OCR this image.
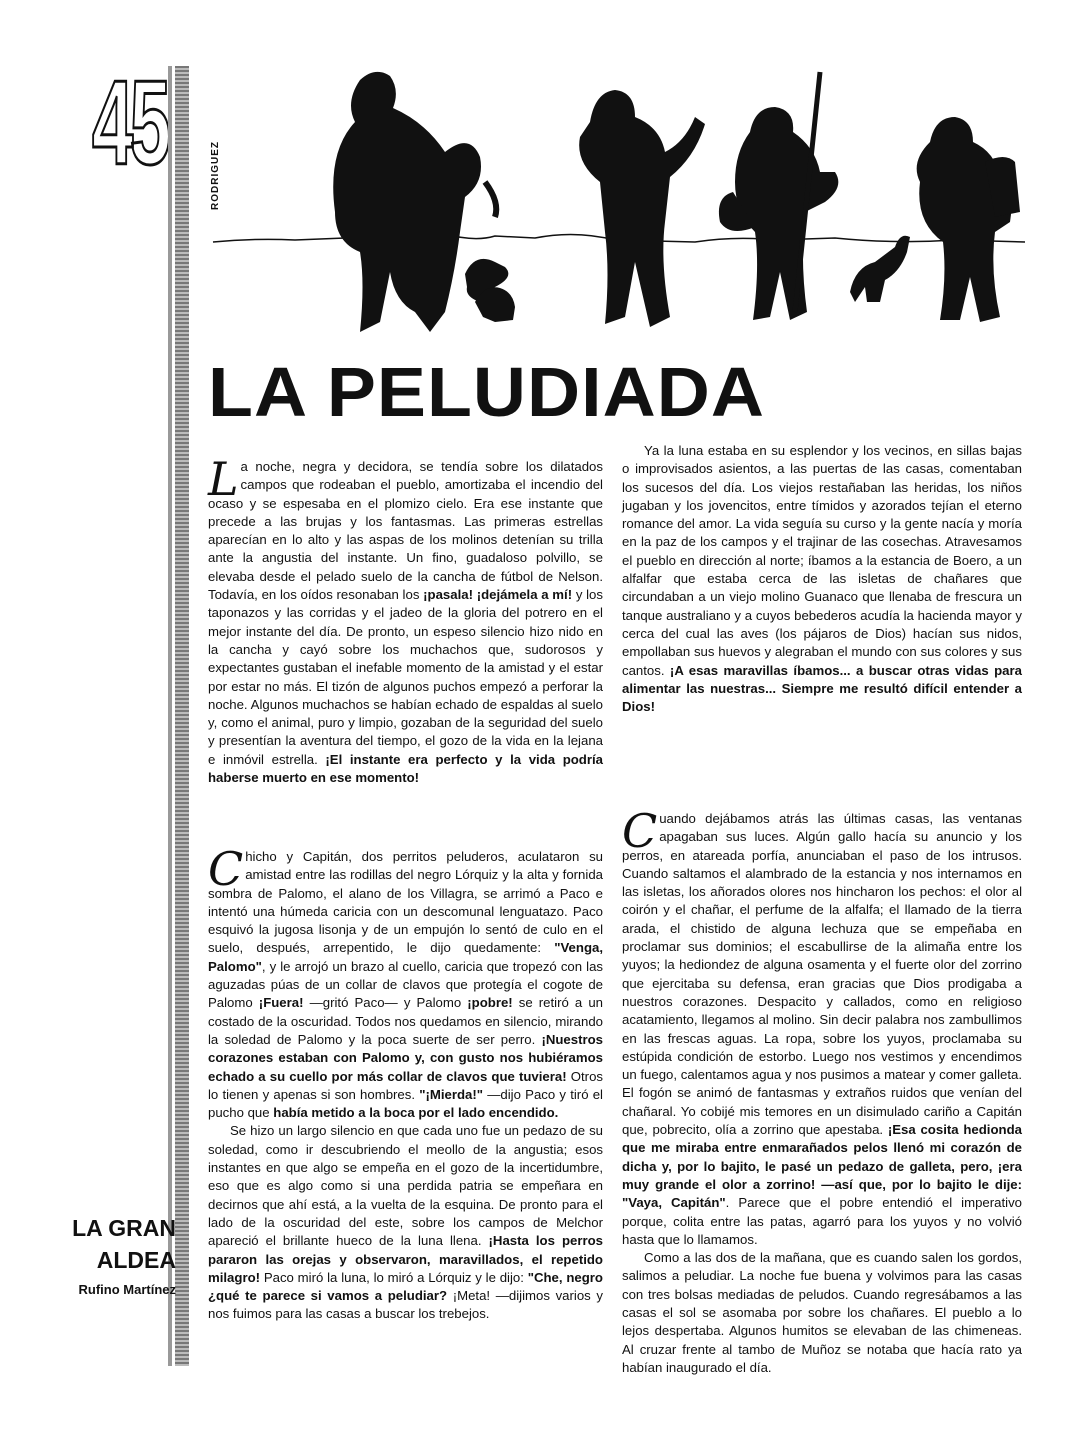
45	RODRIGUEZ
LA PELUDIADA

La noche, negra y decidora, se tendía sobre los dilatados campos que rodeaban el pueblo, amortizaba el incendio del ocaso y se espesaba en el plomizo cielo. Era ese instante que precede a las brujas y los fantasmas. Las primeras estrellas aparecían en lo alto y las aspas de los molinos detenían su trilla ante la angustia del instante. Un fino, guadaloso polvillo, se elevaba desde el pelado suelo de la cancha de fútbol de Nelson. Todavía, en los oídos resonaban los ¡pasala! ¡dejámela a mí! y los taponazos y las corridas y el jadeo de la gloria del potrero en el mejor instante del día. De pronto, un espeso silencio hizo nido en la cancha y cayó sobre los muchachos que, sudorosos y expectantes gustaban el inefable momento de la amistad y el estar por estar no más. El tizón de algunos puchos empezó a perforar la noche. Algunos muchachos se habían echado de espaldas al suelo y, como el animal, puro y limpio, gozaban de la seguridad del suelo y presentían la aventura del tiempo, el gozo de la vida en la lejana e inmóvil estrella. ¡El instante era perfecto y la vida podría haberse muerto en ese momento!

Chicho y Capitán, dos perritos peluderos, aculataron su amistad entre las rodillas del negro Lórquiz y la alta y fornida sombra de Palomo, el alano de los Villagra, se arrimó a Paco e intentó una húmeda caricia con un descomunal lenguatazo. Paco esquivó la jugosa lisonja y de un empujón lo sentó de culo en el suelo, después, arrepentido, le dijo quedamente: "Venga, Palomo", y le arrojó un brazo al cuello, caricia que tropezó con las aguzadas púas de un collar de clavos que protegía el cogote de Palomo ¡Fuera! —gritó Paco— y Palomo ¡pobre! se retiró a un costado de la oscuridad. Todos nos quedamos en silencio, mirando la soledad de Palomo y la poca suerte de ser perro. ¡Nuestros corazones estaban con Palomo y, con gusto nos hubiéramos echado a su cuello por más collar de clavos que tuviera! Otros lo tienen y apenas si son hombres. "¡Mierda!" —dijo Paco y tiró el pucho que había metido a la boca por el lado encendido.

Se hizo un largo silencio en que cada uno fue un pedazo de su soledad, como ir descubriendo el meollo de la angustia; esos instantes en que algo se empeña en el gozo de la incertidumbre, eso que es algo como si una perdida patria se empeñara en decirnos que ahí está, a la vuelta de la esquina. De pronto para el lado de la oscuridad del este, sobre los campos de Melchor apareció el brillante hueco de la luna llena. ¡Hasta los perros pararon las orejas y observaron, maravillados, el repetido milagro! Paco miró la luna, lo miró a Lórquiz y le dijo: "Che, negro ¿qué te parece si vamos a peludiar? ¡Meta! —dijimos varios y nos fuimos para las casas a buscar los trebejos.

Ya la luna estaba en su esplendor y los vecinos, en sillas bajas o improvisados asientos, a las puertas de las casas, comentaban los sucesos del día. Los viejos restañaban las heridas, los niños jugaban y los jovencitos, entre tímidos y azorados tejían el eterno romance del amor. La vida seguía su curso y la gente nacía y moría en la paz de los campos y el trajinar de las cosechas. Atravesamos el pueblo en dirección al norte; íbamos a la estancia de Boero, a un alfalfar que estaba cerca de las isletas de chañares que circundaban a un viejo molino Guanaco que llenaba de frescura un tanque australiano y a cuyos bebederos acudía la hacienda mayor y cerca del cual las aves (los pájaros de Dios) hacían sus nidos, empollaban sus huevos y alegraban el mundo con sus colores y sus cantos. ¡A esas maravillas íbamos... a buscar otras vidas para alimentar las nuestras... Siempre me resultó difícil entender a Dios!

Cuando dejábamos atrás las últimas casas, las ventanas apagaban sus luces. Algún gallo hacía su anuncio y los perros, en atareada porfía, anunciaban el paso de los intrusos. Cuando saltamos el alambrado de la estancia y nos internamos en las isletas, los añorados olores nos hincharon los pechos: el olor al coirón y el chañar, el perfume de la alfalfa; el llamado de la tierra arada, el chistido de alguna lechuza que se empeñaba en proclamar sus dominios; el escabullirse de la alimaña entre los yuyos; la hediondez de alguna osamenta y el fuerte olor del zorrino que ejercitaba su defensa, eran gracias que Dios prodigaba a nuestros corazones. Despacito y callados, como en religioso acatamiento, llegamos al molino. Sin decir palabra nos zambullimos en las frescas aguas. La ropa, sobre los yuyos, proclamaba su estúpida condición de estorbo. Luego nos vestimos y encendimos un fuego, calentamos agua y nos pusimos a matear y comer galleta. El fogón se animó de fantasmas y extraños ruidos que venían del chañaral. Yo cobijé mis temores en un disimulado cariño a Capitán que, pobrecito, olía a zorrino que apestaba. ¡Esa cosita hedionda que me miraba entre enmarañados pelos llenó mi corazón de dicha y, por lo bajito, le pasé un pedazo de galleta, pero, ¡era muy grande el olor a zorrino! —así que, por lo bajito le dije: "Vaya, Capitán". Parece que el pobre entendió el imperativo porque, colita entre las patas, agarró para los yuyos y no volvió hasta que lo llamamos.

Como a las dos de la mañana, que es cuando salen los gordos, salimos a peludiar. La noche fue buena y volvimos para las casas con tres bolsas mediadas de peludos. Cuando regresábamos a las casas el sol se asomaba por sobre los chañares. El pueblo a lo lejos despertaba. Algunos humitos se elevaban de las chimeneas. Al cruzar frente al tambo de Muñoz se notaba que hacía rato ya habían inaugurado el día.

LA GRAN
ALDEA
Rufino Martínez
